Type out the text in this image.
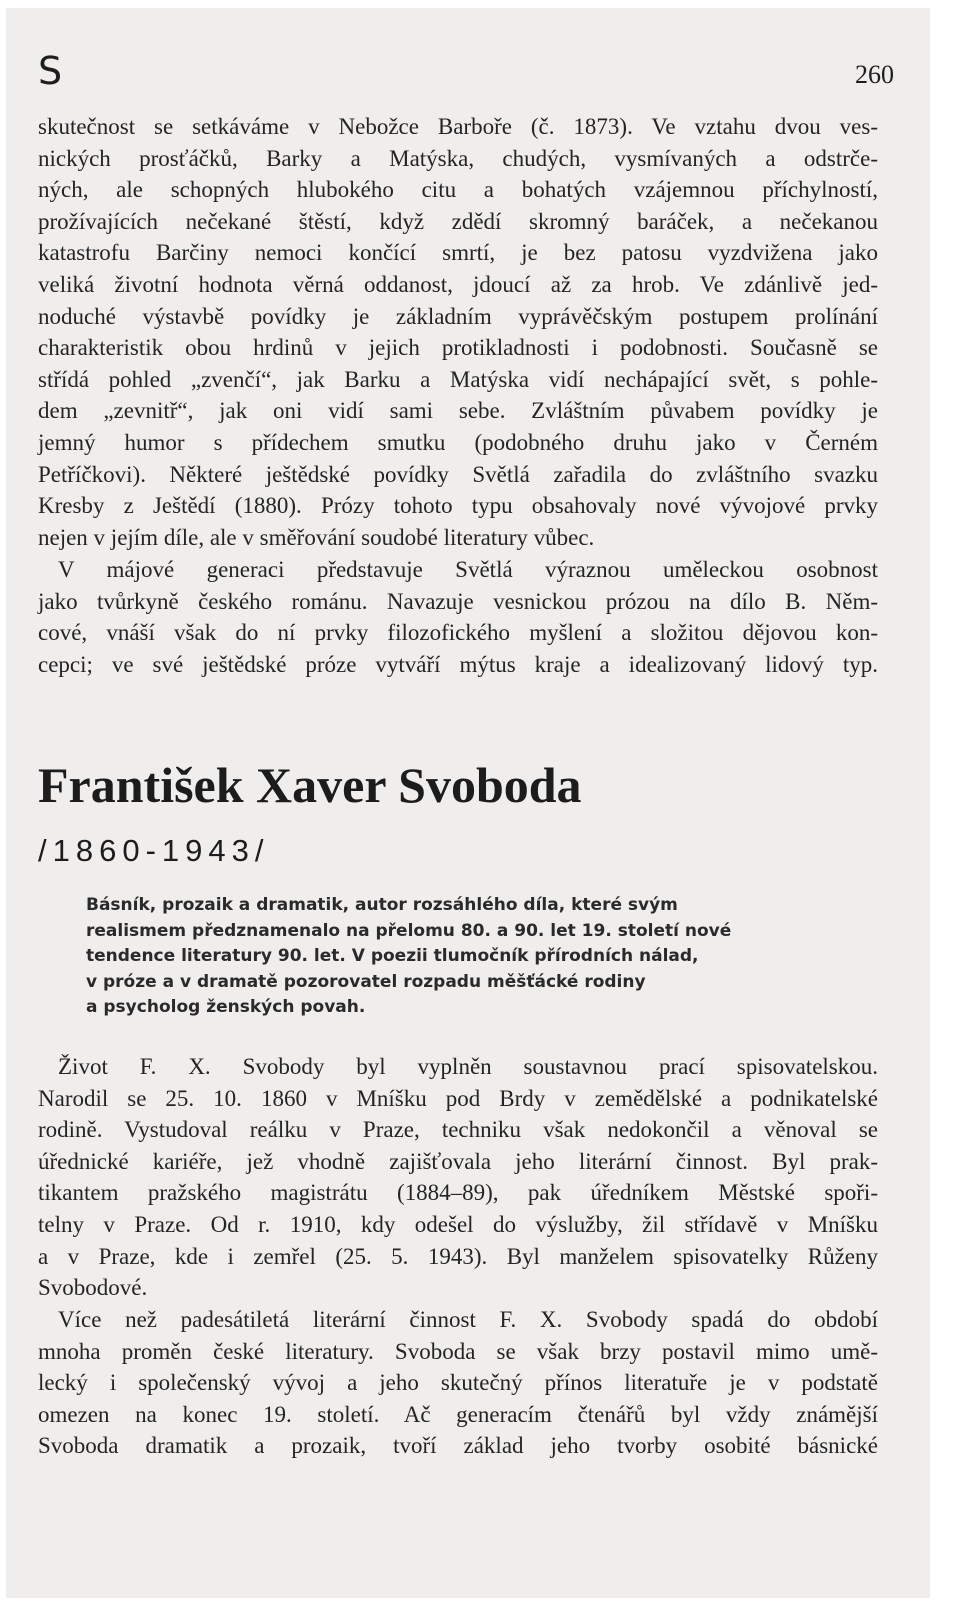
S	260
skutečnost se setkáváme v Nebožce Barboře (č. 1873). Ve vztahu dvou ves-
nických prosťáčků, Barky a Matýska, chudých, vysmívaných a odstrče-
ných, ale schopných hlubokého citu a bohatých vzájemnou příchylností,
prožívajících nečekané štěstí, když zdědí skromný baráček, a nečekanou
katastrofu Barčiny nemoci končící smrtí, je bez patosu vyzdvižena jako
veliká životní hodnota věrná oddanost, jdoucí až za hrob. Ve zdánlivě jed-
noduché výstavbě povídky je základním vyprávěčským postupem prolínání
charakteristik obou hrdinů v jejich protikladnosti i podobnosti. Současně se
střídá pohled „zvenčí“, jak Barku a Matýska vidí nechápající svět, s pohle-
dem „zevnitř“, jak oni vidí sami sebe. Zvláštním půvabem povídky je
jemný humor s přídechem smutku (podobného druhu jako v Černém
Petříčkovi). Některé ještědské povídky Světlá zařadila do zvláštního svazku
Kresby z Ještědí (1880). Prózy tohoto typu obsahovaly nové vývojové prvky
nejen v jejím díle, ale v směřování soudobé literatury vůbec.
V májové generaci představuje Světlá výraznou uměleckou osobnost
jako tvůrkyně českého románu. Navazuje vesnickou prózou na dílo B. Něm-
cové, vnáší však do ní prvky filozofického myšlení a složitou dějovou kon-
cepci; ve své ještědské próze vytváří mýtus kraje a idealizovaný lidový typ.
František Xaver Svoboda
/1860-1943/
Básník, prozaik a dramatik, autor rozsáhlého díla, které svým
realismem předznamenalo na přelomu 80. a 90. let 19. století nové
tendence literatury 90. let. V poezii tlumočník přírodních nálad,
v próze a v dramatě pozorovatel rozpadu měšťácké rodiny
a psycholog ženských povah.
Život F. X. Svobody byl vyplněn soustavnou prací spisovatelskou.
Narodil se 25. 10. 1860 v Mníšku pod Brdy v zemědělské a podnikatelské
rodině. Vystudoval reálku v Praze, techniku však nedokončil a věnoval se
úřednické kariéře, jež vhodně zajišťovala jeho literární činnost. Byl prak-
tikantem pražského magistrátu (1884–89), pak úředníkem Městské spoři-
telny v Praze. Od r. 1910, kdy odešel do výslužby, žil střídavě v Mníšku
a v Praze, kde i zemřel (25. 5. 1943). Byl manželem spisovatelky Růženy
Svobodové.
Více než padesátiletá literární činnost F. X. Svobody spadá do období
mnoha proměn české literatury. Svoboda se však brzy postavil mimo umě-
lecký i společenský vývoj a jeho skutečný přínos literatuře je v podstatě
omezen na konec 19. století. Ač generacím čtenářů byl vždy známější
Svoboda dramatik a prozaik, tvoří základ jeho tvorby osobité básnické
